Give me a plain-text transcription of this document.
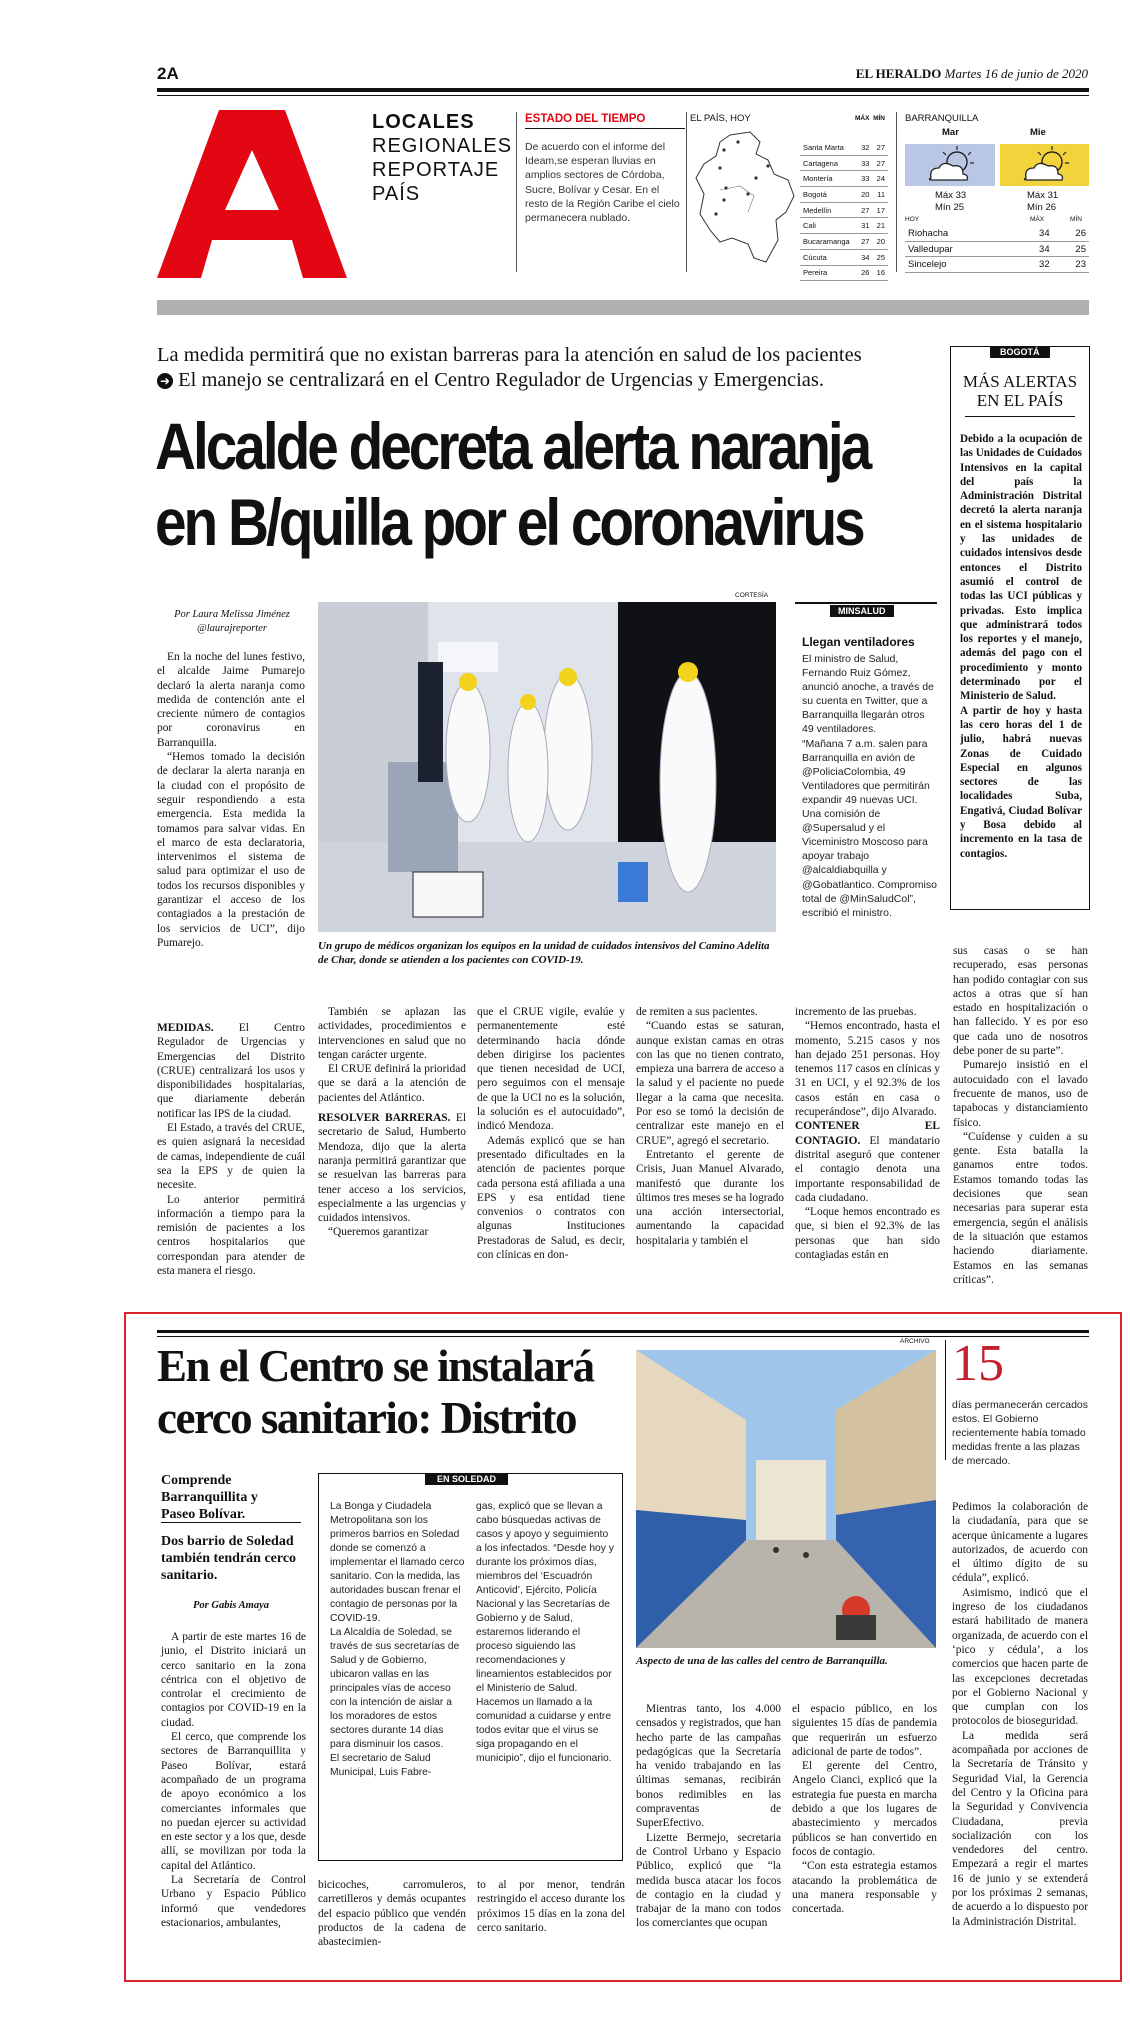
2A	EL HERALDO Martes 16 de junio de 2020
LOCALES
REGIONALES
REPORTAJE
PAÍS
ESTADO DEL TIEMPO
De acuerdo con el informe del Ideam,se esperan lluvias en amplios sectores de Córdoba, Sucre, Bolívar y Cesar. En el resto de la Región Caribe el cielo permanecera nublado.
EL PAÍS, HOY	MÁX MÍN
Santa Marta	32	27
Cartagena	33	27
Montería	33	24
Bogotá	20	11
Medellín	27	17
Cali	31	21
Bucaramanga	27	20
Cúcuta	34	25
Pereira	26	16
BARRANQUILLA
Mar	Mie
Máx 33
Mín 25
Máx 31
Mín 26
HOY	MÁX	MÍN
Riohacha	34	26
Valledupar	34	25
Sincelejo	32	23
La medida permitirá que no existan barreras para la atención en salud de los pacientes
➜ El manejo se centralizará en el Centro Regulador de Urgencias y Emergencias.
Alcalde decreta alerta naranja
en B/quilla por el coronavirus
Por Laura Melissa Jiménez
@laurajreporter

En la noche del lunes festivo, el alcalde Jaime Pumarejo declaró la alerta naranja como medida de contención ante el creciente número de contagios por coronavirus en Barranquilla.

“Hemos tomado la decisión de declarar la alerta naranja en la ciudad con el propósito de seguir respondiendo a esta emergencia. Esta medida la tomamos para salvar vidas. En el marco de esta declaratoria, intervenimos el sistema de salud para optimizar el uso de todos los recursos disponibles y garantizar el acceso de los contagiados a la prestación de los servicios de UCI”, dijo Pumarejo.

CORTESÍA
Un grupo de médicos organizan los equipos en la unidad de cuidados intensivos del Camino Adelita de Char, donde se atienden a los pacientes con COVID-19.
MINSALUD
Llegan ventiladores
El ministro de Salud, Fernando Ruiz Gómez, anunció anoche, a través de su cuenta en Twitter, que a Barranquilla llegarán otros 49 ventiladores.
“Mañana 7 a.m. salen para Barranquilla en avión de @PoliciaColombia, 49 Ventiladores que permitirán expandir 49 nuevas UCI. Una comisión de @Supersalud y el Viceministro Moscoso para apoyar trabajo @alcaldiabquilla y @Gobatlantico. Compromiso total de @MinSaludCol”, escribió el ministro.
BOGOTÁ
MÁS ALERTAS
EN EL PAÍS

Debido a la ocupación de las Unidades de Cuidados Intensivos en la capital del país la Administración Distrital decretó la alerta naranja en el sistema hospitalario y las unidades de cuidados intensivos desde entonces el Distrito asumió el control de todas las UCI públicas y privadas. Esto implica que administrará todos los reportes y el manejo, además del pago con el procedimiento y monto determinado por el Ministerio de Salud.

A partir de hoy y hasta las cero horas del 1 de julio, habrá nuevas Zonas de Cuidado Especial en algunos sectores de las localidades Suba, Engativá, Ciudad Bolívar y Bosa debido al incremento en la tasa de contagios.

MEDIDAS. El Centro Regulador de Urgencias y Emergencias del Distrito (CRUE) centralizará los usos y disponibilidades hospitalarias, que diariamente deberán notificar las IPS de la ciudad.

El Estado, a través del CRUE, es quien asignará la necesidad de camas, independiente de cuál sea la EPS y de quien la necesite.

Lo anterior permitirá información a tiempo para la remisión de pacientes a los centros hospitalarios que correspondan para atender de esta manera el riesgo.

También se aplazan las actividades, procedimientos e intervenciones en salud que no tengan carácter urgente.

El CRUE definirá la prioridad que se dará a la atención de pacientes del Atlántico.

RESOLVER BARRERAS. El secretario de Salud, Humberto Mendoza, dijo que la alerta naranja permitirá garantizar que se resuelvan las barreras para tener acceso a los servicios, especialmente a las urgencias y cuidados intensivos.

“Queremos garantizar

que el CRUE vigile, evalúe y permanentemente esté determinando hacia dónde deben dirigirse los pacientes que tienen necesidad de UCI, pero seguimos con el mensaje de que la UCI no es la solución, la solución es el autocuidado”, indicó Mendoza.

Además explicó que se han presentado dificultades en la atención de pacientes porque cada persona está afiliada a una EPS y esa entidad tiene convenios o contratos con algunas Instituciones Prestadoras de Salud, es decir, con clínicas en don-

de remiten a sus pacientes.

“Cuando estas se saturan, aunque existan camas en otras con las que no tienen contrato, empieza una barrera de acceso a la salud y el paciente no puede llegar a la cama que necesita. Por eso se tomó la decisión de centralizar este manejo en el CRUE”, agregó el secretario.

Entretanto el gerente de Crisis, Juan Manuel Alvarado, manifestó que durante los últimos tres meses se ha logrado una acción intersectorial, aumentando la capacidad hospitalaria y también el

incremento de las pruebas.

“Hemos encontrado, hasta el momento, 5.215 casos y nos han dejado 251 personas. Hoy tenemos 117 casos en clínicas y 31 en UCI, y el 92.3% de los casos están en casa o recuperándose”, dijo Alvarado.

CONTENER EL CONTAGIO. El mandatario distrital aseguró que contener el contagio denota una importante responsabilidad de cada ciudadano.

“Loque hemos encontrado es que, si bien el 92.3% de las personas que han sido contagiadas están en

sus casas o se han recuperado, esas personas han podido contagiar con sus actos a otras que sí han estado en hospitalización o han fallecido. Y es por eso que cada uno de nosotros debe poner de su parte”.

Pumarejo insistió en el autocuidado con el lavado frecuente de manos, uso de tapabocas y distanciamiento físico.

“Cuídense y cuiden a su gente. Esta batalla la ganamos entre todos. Estamos tomando todas las decisiones que sean necesarias para superar esta emergencia, según el análisis de la situación que estamos haciendo diariamente. Estamos en las semanas críticas”.

En el Centro se instalará
cerco sanitario: Distrito
Comprende Barranquillita y Paseo Bolívar.
Dos barrio de Soledad también tendrán cerco sanitario.
Por Gabis Amaya

A partir de este martes 16 de junio, el Distrito iniciará un cerco sanitario en la zona céntrica con el objetivo de controlar el crecimiento de contagios por COVID-19 en la ciudad.

El cerco, que comprende los sectores de Barranquillita y Paseo Bolívar, estará acompañado de un programa de apoyo económico a los comerciantes informales que no puedan ejercer su actividad en este sector y a los que, desde allí, se movilizan por toda la capital del Atlántico.

La Secretaría de Control Urbano y Espacio Público informó que vendedores estacionarios, ambulantes,

EN SOLEDAD
La Bonga y Ciudadela Metropolitana son los primeros barrios en Soledad donde se comenzó a implementar el llamado cerco sanitario. Con la medida, las autoridades buscan frenar el contagio de personas por la COVID-19.
La Alcaldía de Soledad, se través de sus secretarías de Salud y de Gobierno, ubicaron vallas en las principales vías de acceso con la intención de aislar a los moradores de estos sectores durante 14 días para disminuir los casos.
El secretario de Salud Municipal, Luis Fabre-
gas, explicó que se llevan a cabo búsquedas activas de casos y apoyo y seguimiento a los infectados. “Desde hoy y durante los próximos días, miembros del ‘Escuadrón Anticovid’, Ejército, Policía Nacional y las Secretarías de Gobierno y de Salud, estaremos liderando el proceso siguiendo las recomendaciones y lineamientos establecidos por el Ministerio de Salud. Hacemos un llamado a la comunidad a cuidarse y entre todos evitar que el virus se siga propagando en el municipio”, dijo el funcionario.

bicicoches, carromuleros, carretilleros y demás ocupantes del espacio público que vendén productos de la cadena de abastecimien-

to al por menor, tendrán restringido el acceso durante los próximos 15 días en la zona del cerco sanitario.

ARCHIVO
Aspecto de una de las calles del centro de Barranquilla.

Mientras tanto, los 4.000 censados y registrados, que han hecho parte de las campañas pedagógicas que la Secretaría ha venido trabajando en las últimas semanas, recibirán bonos redimibles en las compraventas de SuperEfectivo.

Lizette Bermejo, secretaria de Control Urbano y Espacio Público, explicó que “la medida busca atacar los focos de contagio en la ciudad y trabajar de la mano con todos los comerciantes que ocupan

el espacio público, en los siguientes 15 días de pandemia que requerirán un esfuerzo adicional de parte de todos”.

El gerente del Centro, Angelo Cianci, explicó que la estrategia fue puesta en marcha debido a que los lugares de abastecimiento y mercados públicos se han convertido en focos de contagio.

“Con esta estrategia estamos atacando la problemática de una manera responsable y concertada.

15
días permanecerán cercados estos. El Gobierno recientemente había tomado medidas frente a las plazas de mercado.

Pedimos la colaboración de la ciudadanía, para que se acerque únicamente a lugares autorizados, de acuerdo con el último dígito de su cédula”, explicó.

Asimismo, indicó que el ingreso de los ciudadanos estará habilitado de manera organizada, de acuerdo con el ‘pico y cédula’, a los comercios que hacen parte de las excepciones decretadas por el Gobierno Nacional y que cumplan con los protocolos de bioseguridad.

La medida será acompañada por acciones de la Secretaría de Tránsito y Seguridad Vial, la Gerencia del Centro y la Oficina para la Seguridad y Convivencia Ciudadana, previa socialización con los vendedores del centro. Empezará a regir el martes 16 de junio y se extenderá por los próximas 2 semanas, de acuerdo a lo dispuesto por la Administración Distrital.
